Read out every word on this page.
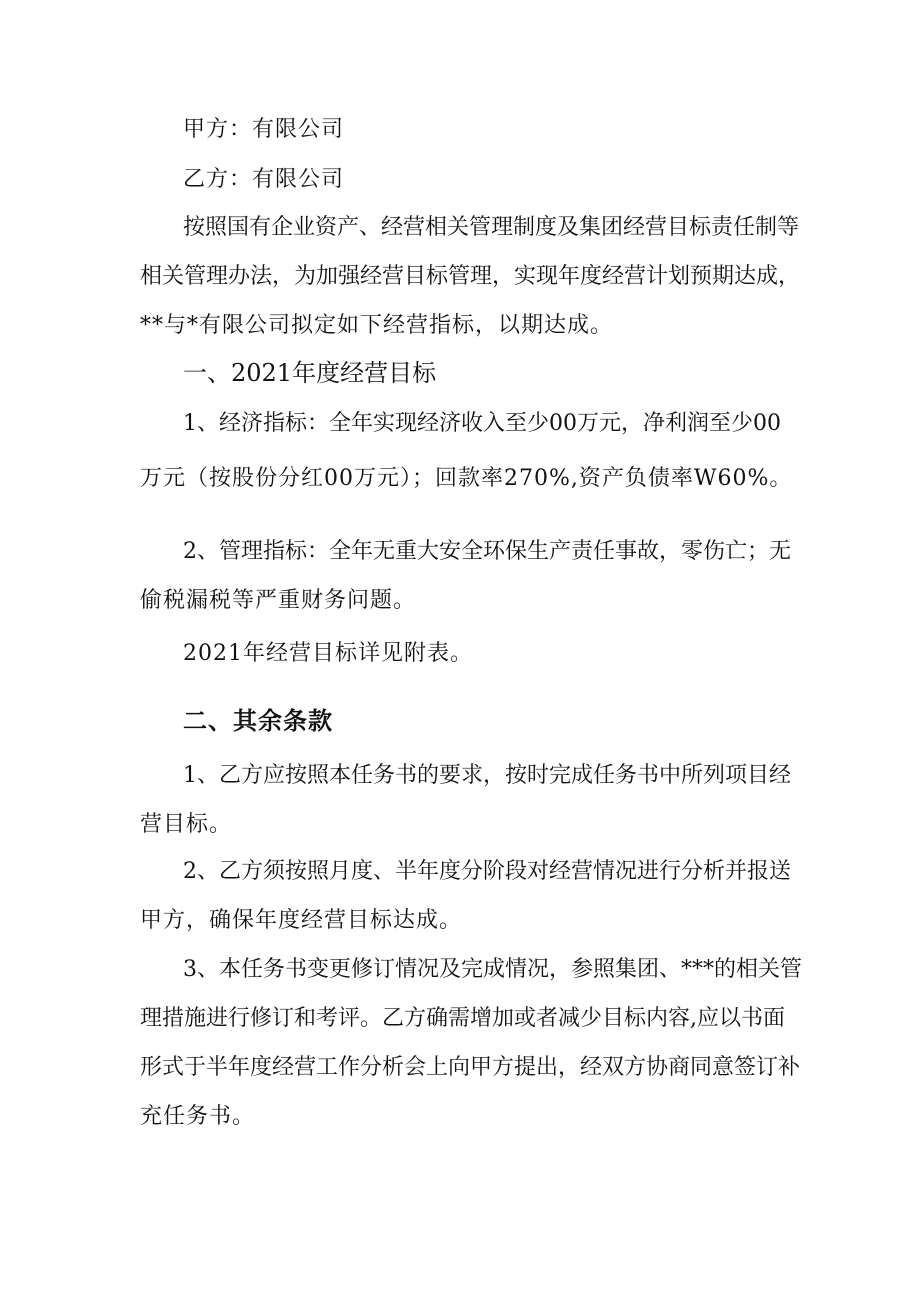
甲方：有限公司
乙方：有限公司
按照国有企业资产、经营相关管理制度及集团经营目标责任制等
相关管理办法，为加强经营目标管理，实现年度经营计划预期达成，
**与*有限公司拟定如下经营指标，以期达成。
一、2021年度经营目标
1、经济指标：全年实现经济收入至少00万元，净利润至少00
万元（按股份分红00万元）；回款率270%,资产负债率W60%。
2、管理指标：全年无重大安全环保生产责任事故，零伤亡；无
偷税漏税等严重财务问题。
2021年经营目标详见附表。
二、其余条款
1、乙方应按照本任务书的要求，按时完成任务书中所列项目经
营目标。
2、乙方须按照月度、半年度分阶段对经营情况进行分析并报送
甲方，确保年度经营目标达成。
3、本任务书变更修订情况及完成情况，参照集团、***的相关管
理措施进行修订和考评。乙方确需增加或者减少目标内容,应以书面
形式于半年度经营工作分析会上向甲方提出，经双方协商同意签订补
充任务书。
